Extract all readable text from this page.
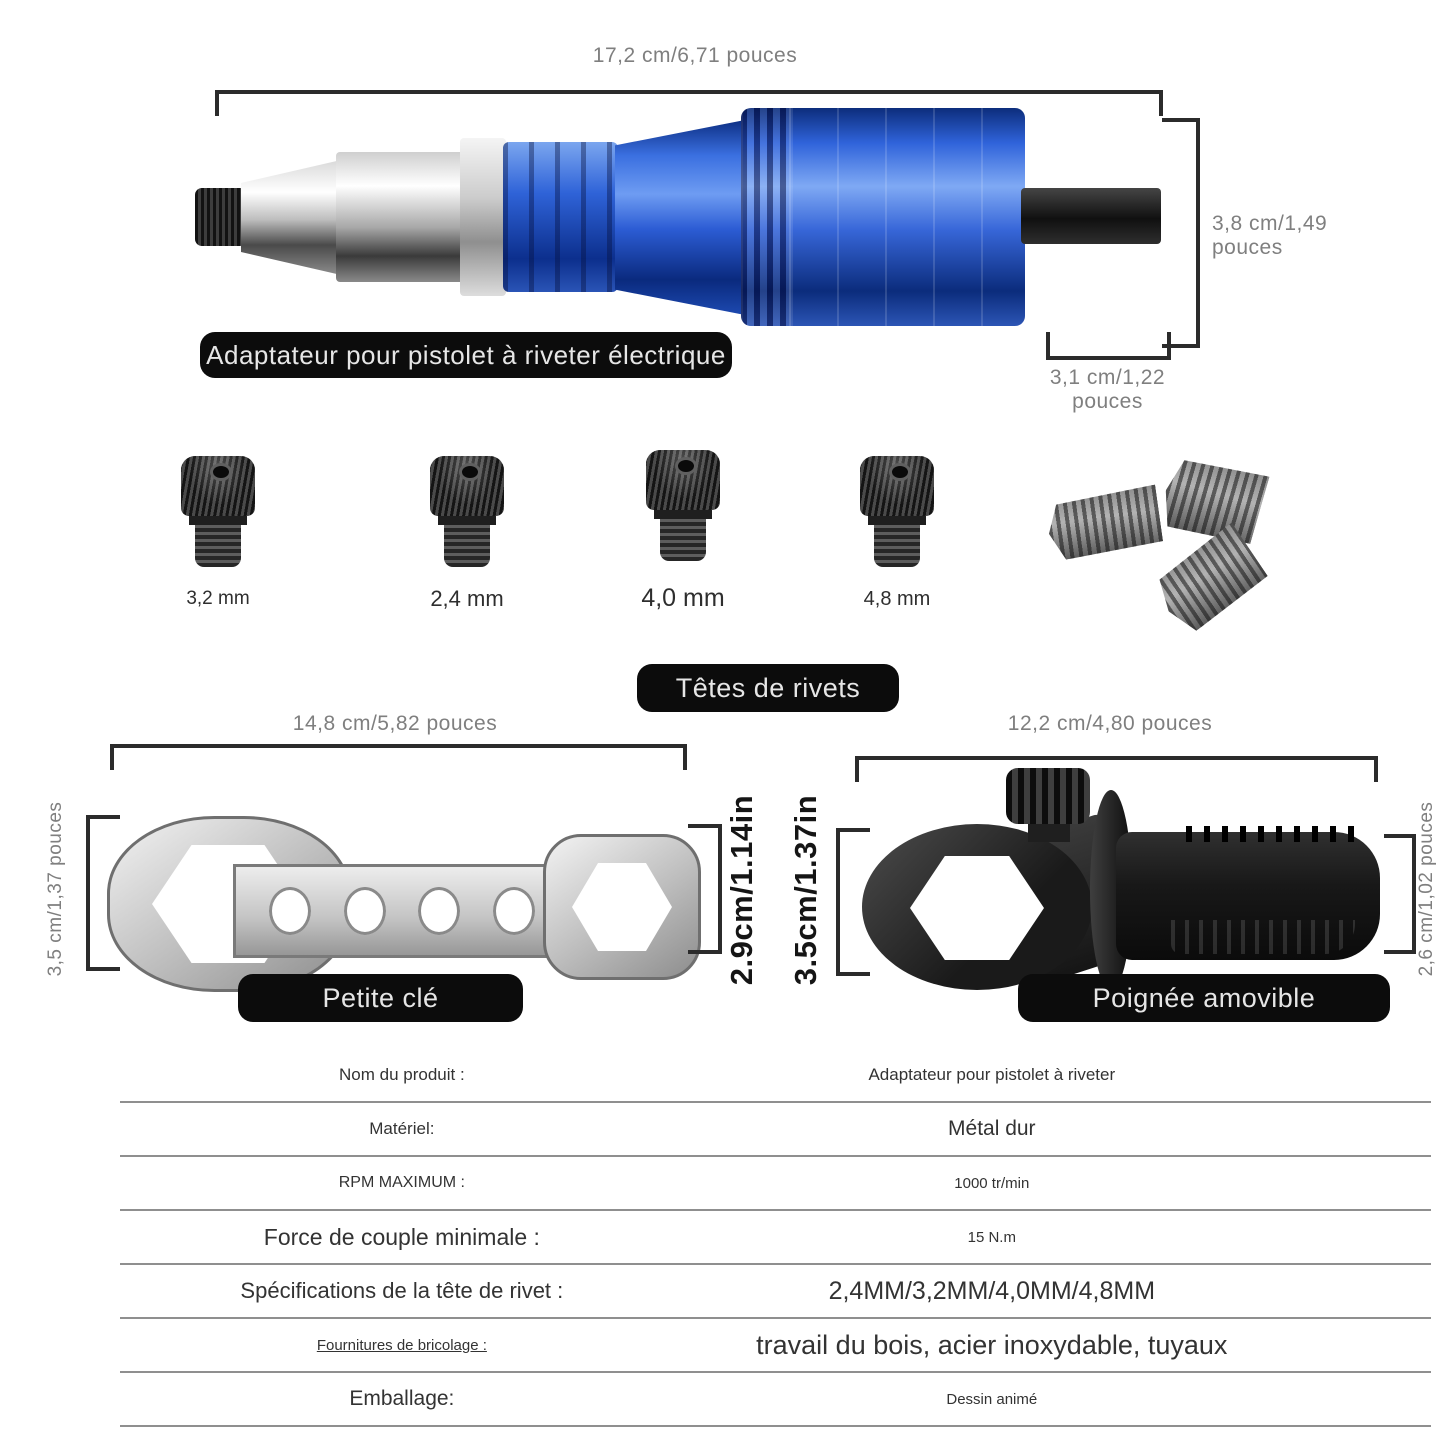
17,2 cm/6,71 pouces
3,8 cm/1,49 pouces
3,1 cm/1,22 pouces
Adaptateur pour pistolet à riveter électrique
3,2 mm	2,4 mm	4,0 mm	4,8 mm
Têtes de rivets
14,8 cm/5,82 pouces
3,5 cm/1,37 pouces	2.9cm/1.14in
Petite clé
12,2 cm/4,80 pouces
3.5cm/1.37in	2,6 cm/1,02 pouces
Poignée amovible
Nom du produit :	Adaptateur pour pistolet à riveter
Matériel:	Métal dur
RPM MAXIMUM :	1000 tr/min
Force de couple minimale :	15 N.m
Spécifications de la tête de rivet :	2,4MM/3,2MM/4,0MM/4,8MM
Fournitures de bricolage :	travail du bois, acier inoxydable, tuyaux
Emballage:	Dessin animé
